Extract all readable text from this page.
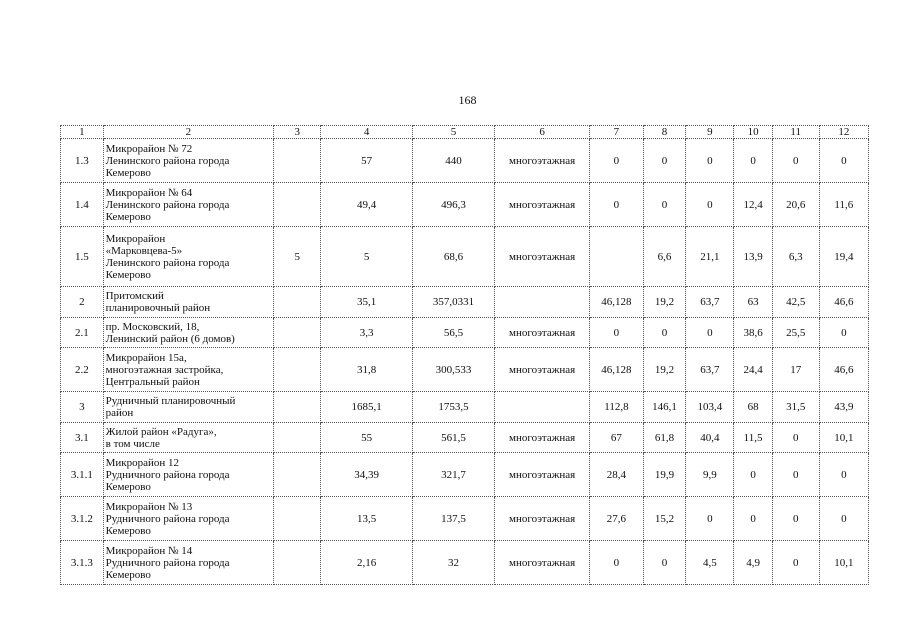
168
1	2	3	4	5	6	7	8	9	10	11	12
1.3	Микрорайон № 72
Ленинского района города
Кемерово		57	440	многоэтажная	0	0	0	0	0	0
1.4	Микрорайон № 64
Ленинского района города
Кемерово		49,4	496,3	многоэтажная	0	0	0	12,4	20,6	11,6
1.5	Микрорайон
«Марковцева-5»
Ленинского района города
Кемерово	5	5	68,6	многоэтажная		6,6	21,1	13,9	6,3	19,4
2	Притомский
планировочный район		35,1	357,0331		46,128	19,2	63,7	63	42,5	46,6
2.1	пр. Московский, 18,
Ленинский район (6 домов)		3,3	56,5	многоэтажная	0	0	0	38,6	25,5	0
2.2	Микрорайон 15а,
многоэтажная застройка,
Центральный район		31,8	300,533	многоэтажная	46,128	19,2	63,7	24,4	17	46,6
3	Рудничный планировочный
район		1685,1	1753,5		112,8	146,1	103,4	68	31,5	43,9
3.1	Жилой район «Радуга»,
в том числе		55	561,5	многоэтажная	67	61,8	40,4	11,5	0	10,1
3.1.1	Микрорайон 12
Рудничного района города
Кемерово		34,39	321,7	многоэтажная	28,4	19,9	9,9	0	0	0
3.1.2	Микрорайон № 13
Рудничного района города
Кемерово		13,5	137,5	многоэтажная	27,6	15,2	0	0	0	0
3.1.3	Микрорайон № 14
Рудничного района города
Кемерово		2,16	32	многоэтажная	0	0	4,5	4,9	0	10,1
